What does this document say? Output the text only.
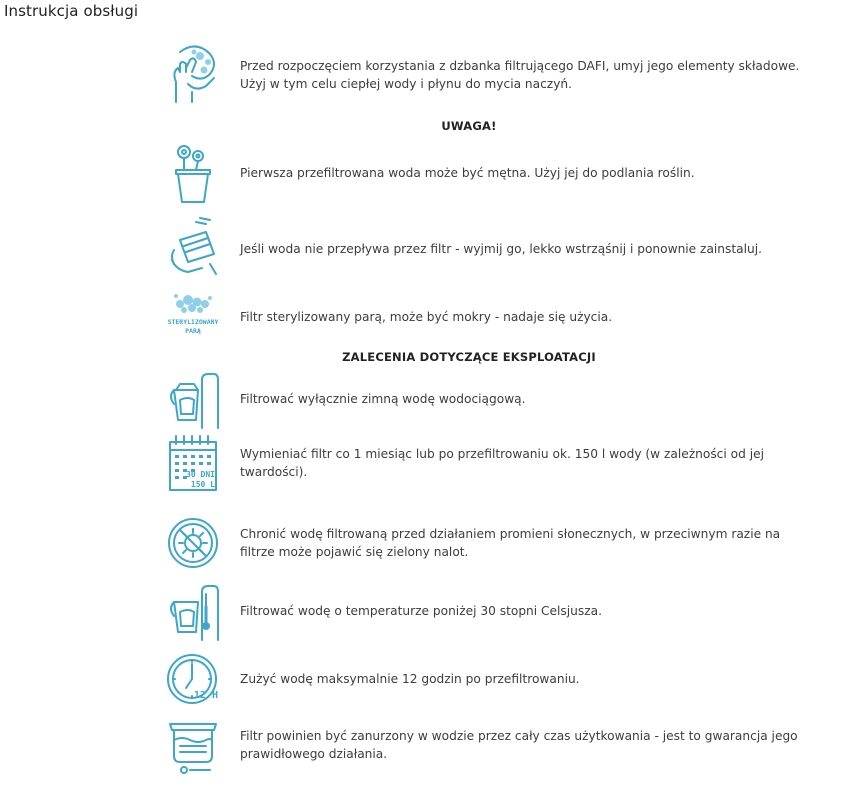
Instrukcja obsługi
Przed rozpoczęciem korzystania z dzbanka filtrującego DAFI, umyj jego elementy składowe. Użyj w tym celu ciepłej wody i płynu do mycia naczyń.
UWAGA!
Pierwsza przefiltrowana woda może być mętna. Użyj jej do podlania roślin.
Jeśli woda nie przepływa przez filtr - wyjmij go, lekko wstrząśnij i ponownie zainstaluj.
STERYLIZOWANY
PARĄ
Filtr sterylizowany parą, może być mokry - nadaje się użycia.
ZALECENIA DOTYCZĄCE EKSPLOATACJI
Filtrować wyłącznie zimną wodę wodociągową.
30 DNI
150 L
Wymieniać filtr co 1 miesiąc lub po przefiltrowaniu ok. 150 l wody (w zależności od jej twardości).
Chronić wodę filtrowaną przed działaniem promieni słonecznych, w przeciwnym razie na filtrze może pojawić się zielony nalot.
Filtrować wodę o temperaturze poniżej 30 stopni Celsjusza.
12 H
Zużyć wodę maksymalnie 12 godzin po przefiltrowaniu.
Filtr powinien być zanurzony w wodzie przez cały czas użytkowania - jest to gwarancja jego prawidłowego działania.
